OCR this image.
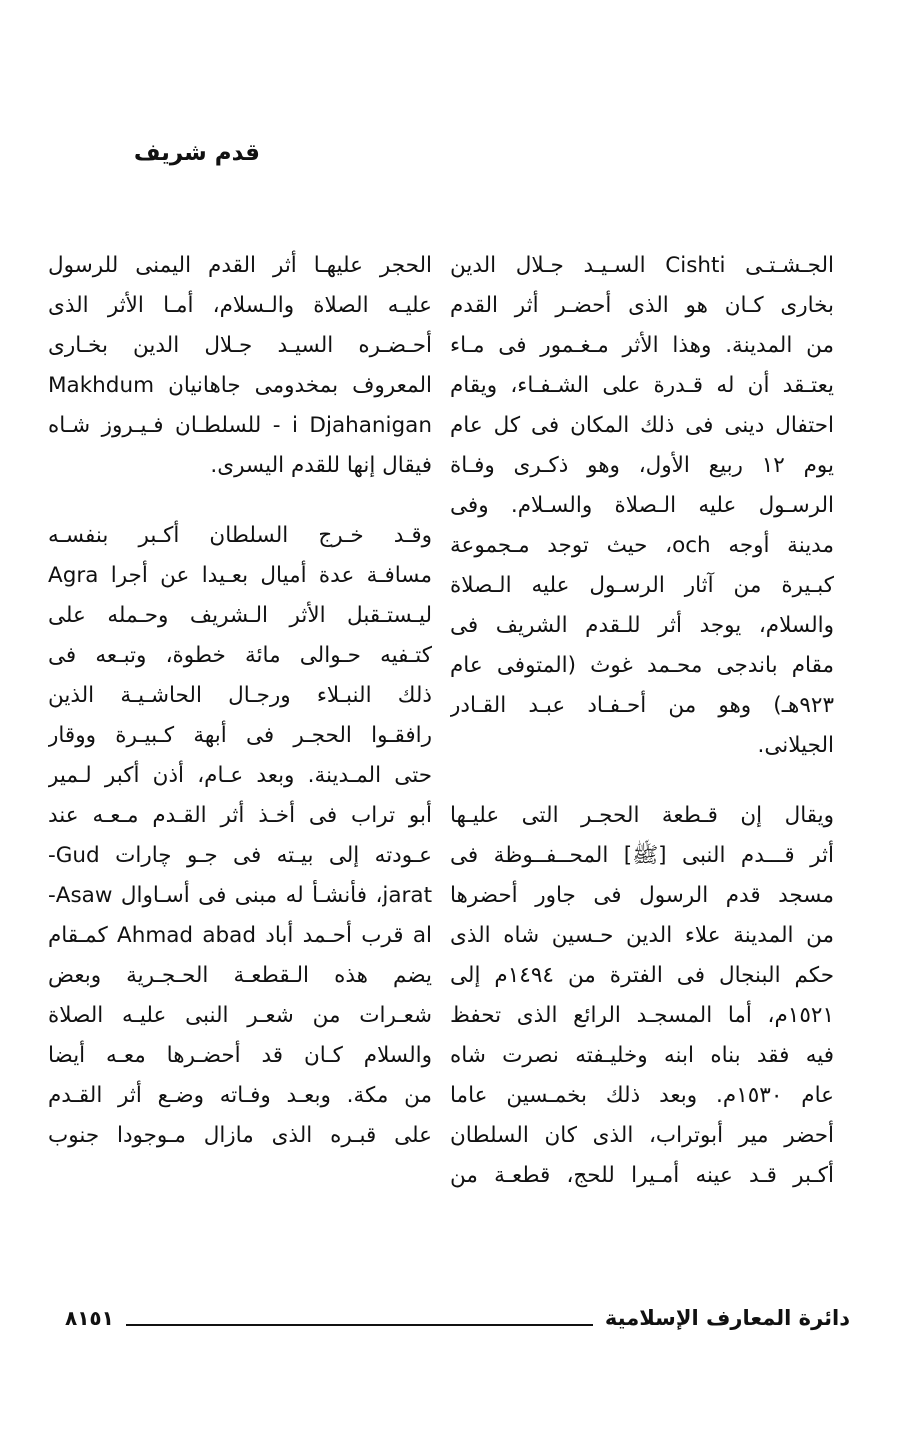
قدم شريف
الجـشـتـى Cishti السـيـد جـلال الدين
بخارى كـان هو الذى أحضـر أثر القدم
من المدينة. وهذا الأثر مـغـمور فى مـاء
يعتـقد أن له قـدرة على الشـفـاء، ويقام
احتفال دينى فى ذلك المكان فى كل عام
يوم ١٢ ربيع الأول، وهو ذكـرى وفـاة
الرسـول عليه الـصلاة والسـلام. وفى
مدينة أوجه och، حيث توجد مـجموعة
كبـيرة من آثار الرسـول عليه الـصلاة
والسلام، يوجد أثر للـقدم الشريف فى
مقام باندجى محـمد غوث (المتوفى عام
٩٢٣هـ) وهو من أحـفـاد عبـد القـادر
الجيلانى.
ويقال إن قـطعة الحجـر التى عليـها
أثر قـــدم النبى [ﷺ] المحــفــوظة فى
مسجد قدم الرسول فى جاور أحضرها
من المدينة علاء الدين حـسين شاه الذى
حكم البنجال فى الفترة من ١٤٩٤م إلى
١٥٢١م، أما المسجـد الرائع الذى تحفظ
فيه فقد بناه ابنه وخليـفته نصرت شاه
عام ١٥٣٠م. وبعد ذلك بخمـسين عاما
أحضر مير أبوتراب، الذى كان السلطان
أكـبر قـد عينه أمـيرا للحج، قطعـة من
الحجر عليهـا أثر القدم اليمنى للرسول
عليـه الصلاة والـسلام، أمـا الأثر الذى
أحـضـره السيـد جـلال الدين بخـارى
المعروف بمخدومى جاهانيان Makhdum
i Djahanigan - للسلطـان فـيـروز شـاه
فيقال إنها للقدم اليسرى.
وقـد خـرج السلطان أكـبر بنفسـه
مسافـة عدة أميال بعـيدا عن أجرا Agra
ليـستـقبل الأثر الـشريف وحـمله على
كتـفيه حـوالى مائة خطوة، وتبـعه فى
ذلك النبـلاء ورجـال الحاشـيـة الذين
رافقـوا الحجـر فى أبهة كـبيـرة ووقار
حتى المـدينة. وبعد عـام، أذن أكبر لـمير
أبو تراب فى أخـذ أثر القـدم مـعـه عند
عـودته إلى بيـته فى جـو چارات Gud-
jarat، فأنشـأ له مبنى فى أسـاوال Asaw-
al قرب أحـمد أباد Ahmad abad كمـقام
يضم هذه الـقطعـة الحـجـرية وبعض
شعـرات من شعـر النبى عليـه الصلاة
والسلام كـان قد أحضـرها معـه أيضا
من مكة. وبعـد وفـاته وضـع أثر القـدم
على قبـره الذى مازال مـوجودا جنوب
دائرة المعارف الإسلامية
٨١٥١
